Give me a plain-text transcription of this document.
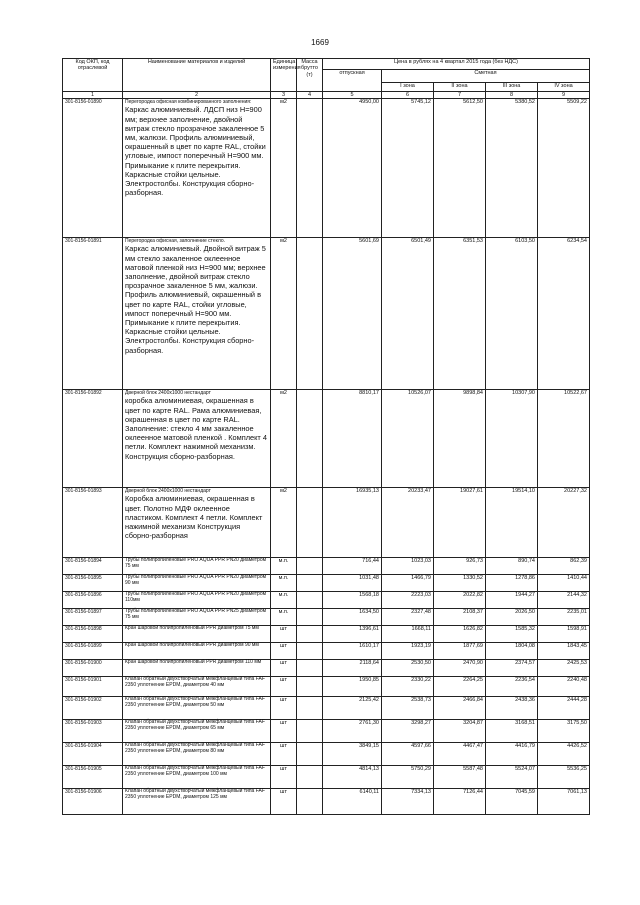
1669
Код ОКП, код отраслевой	Наименование материалов и изделий	Единица измерения	Масса брутто (т)	Цена в рублях на 4 квартал 2015 года (без НДС)				
				отпускная	Сметная			
					I зона	II зона	III зона	IV зона
1	2	3	4	5	6	7	8	9
301-8156-01890	Перегородка офисная комбинированного заполнения:
Каркас алюминиевый. ЛДСП низ H=900 мм; верхнее заполнение, двойной витраж стекло прозрачное закаленное 5 мм, жалюзи. Профиль алюминиевый, окрашенный в цвет по карте RAL, стойки угловые, импост поперечный H=900 мм. Примыкание к плите перекрытия. Каркасные стойки цельные. Электростолбы. Конструкция сборно-разборная.	м2		4950,00	5745,12	5612,50	5380,52	5509,22
301-8156-01891	Перегородка офисная, заполнение стекло.
Каркас алюминиевый. Двойной витраж 5 мм стекло закаленное оклеенное матовой пленкой низ H=900 мм; верхнее заполнение, двойной витраж стекло прозрачное закаленное 5 мм, жалюзи. Профиль алюминиевый, окрашенный в цвет по карте RAL, стойки угловые, импост поперечный H=900 мм. Примыкание к плите перекрытия. Каркасные стойки цельные. Электростолбы. Конструкция сборно-разборная.	м2		5601,69	6501,49	6351,53	6103,50	6234,54
301-8156-01892	Дверной блок 2400х1000 нестандарт
коробка алюминиевая, окрашенная в цвет по карте RAL. Рама алюминиевая, окрашенная в цвет по карте RAL. Заполнение: стекло 4 мм закаленное оклеенное матовой пленкой . Комплект 4 петли. Комплект нажимной механизм. Конструкция сборно-разборная.	м2		8810,17	10526,07	9898,84	10307,90	10522,67
301-8156-01893	Дверной блок 2400х1000 нестандарт
Коробка алюминиевая, окрашенная в цвет. Полотно МДФ оклеенное пластиком. Комплект 4 петли. Комплект нажимной механизм Конструкция сборно-разборная	м2		16935,13	20233,47	19027,61	19514,10	20227,32
301-8156-01894	Трубы полипропиленовые PRO AQUA PPR PN20 диаметром 75 мм	м.п.		716,44	1023,03	926,73	890,74	862,39
301-8156-01895	Трубы полипропиленовые PRO AQUA PPR PN20 диаметром 90 мм	м.п.		1031,48	1466,79	1330,52	1278,86	1410,44
301-8156-01896	Трубы полипропиленовые PRO AQUA PPR PN20 диаметром 110мм	м.п.		1568,18	2223,03	2022,82	1944,27	2144,32
301-8156-01897	Трубы полипропиленовые PRO AQUA PPR PN25 диаметром 75 мм	м.п.		1634,50	2327,48	2108,37	2026,50	2235,01
301-8156-01898	Кран шаровой полипропиленовый PPR диаметром 75 мм	шт		1396,61	1668,11	1626,82	1585,32	1598,91
301-8156-01899	Кран шаровой полипропиленовый PPR диаметром 90 мм	шт		1610,17	1923,19	1877,69	1804,08	1843,45
301-8156-01900	Кран шаровой полипропиленовый PPR диаметром 110 мм	шт		2118,64	2530,50	2470,90	2374,57	2425,53
301-8156-01901	Клапан обратный двухстворчатый межфланцевый типа FAF 2350 уплотнение EPDM, диаметром 40 мм	шт		1950,85	2330,22	2264,25	2236,54	2240,48
301-8156-01902	Клапан обратный двухстворчатый межфланцевый типа FAF 2350 уплотнение EPDM, диаметром 50 мм	шт		2125,42	2538,73	2466,84	2438,36	2444,28
301-8156-01903	Клапан обратный двухстворчатый межфланцевый типа FAF 2350 уплотнение EPDM, диаметром 65 мм	шт		2761,30	3298,27	3204,87	3168,51	3175,50
301-8156-01904	Клапан обратный двухстворчатый межфланцевый типа FAF 2350 уплотнение EPDM, диаметром 80 мм	шт		3849,15	4597,66	4467,47	4416,79	4426,52
301-8156-01905	Клапан обратный двухстворчатый межфланцевый типа FAF 2350 уплотнение EPDM, диаметром 100 мм	шт		4814,13	5750,29	5587,48	5524,07	5536,25
301-8156-01906	Клапан обратный двухстворчатый межфланцевый типа FAF 2350 уплотнение EPDM, диаметром 125 мм	шт		6140,11	7334,13	7126,44	7045,59	7061,13
